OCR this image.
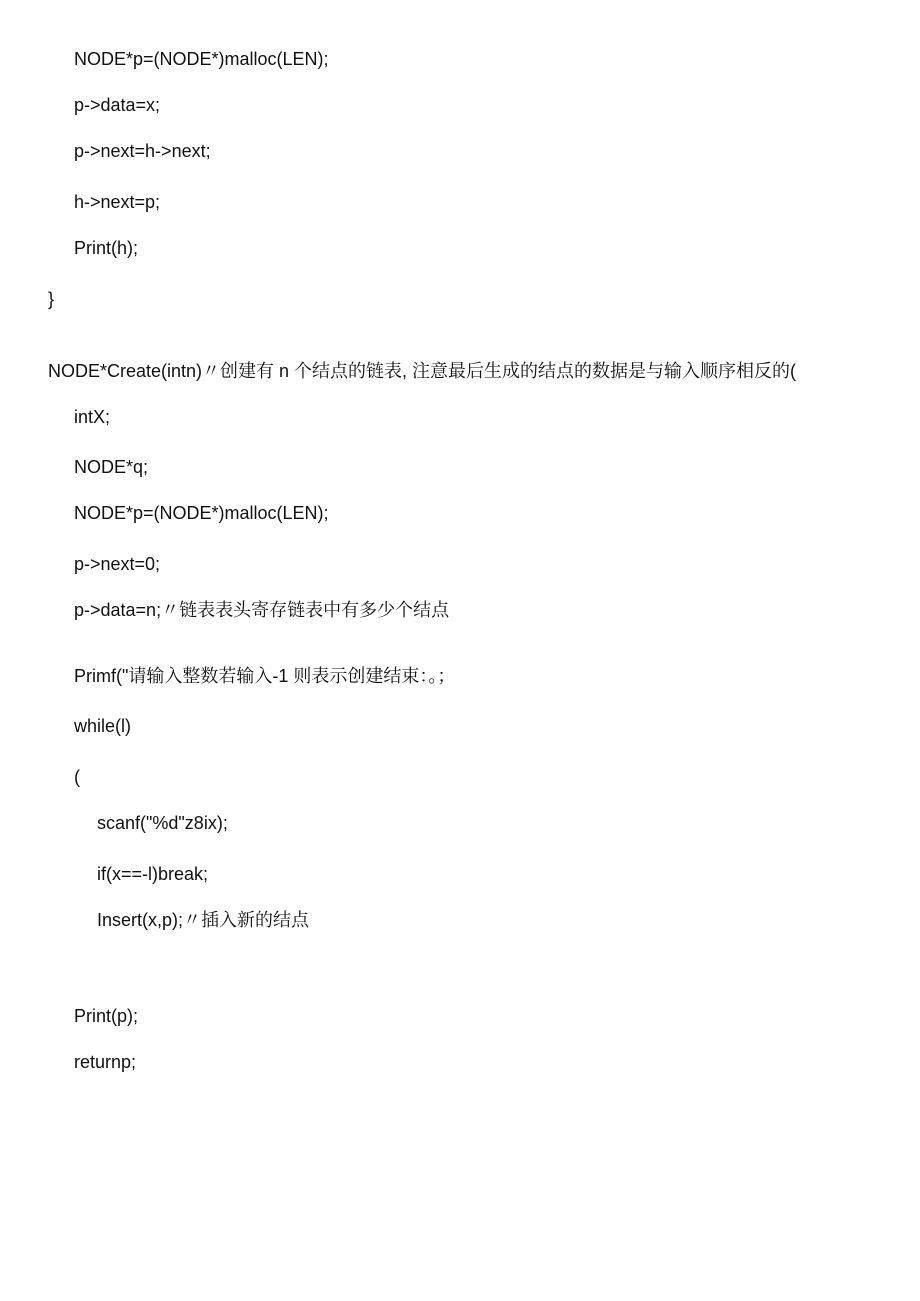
NODE*p=(NODE*)malloc(LEN);
p->data=x;
p->next=h->next;
h->next=p;
Print(h);
}
NODE*Create(intn)〃创建有 n 个结点的链表, 注意最后生成的结点的数据是与输入顺序相反的(
intX;
NODE*q;
NODE*p=(NODE*)malloc(LEN);
p->next=0;
p->data=n;〃链表表头寄存链表中有多少个结点
Primf("请输入整数若输入-1 则表示创建结束：。；
while(l)
(
scanf("%d"z8ix);
if(x==-l)break;
Insert(x,p);〃插入新的结点
Print(p);
returnp;
